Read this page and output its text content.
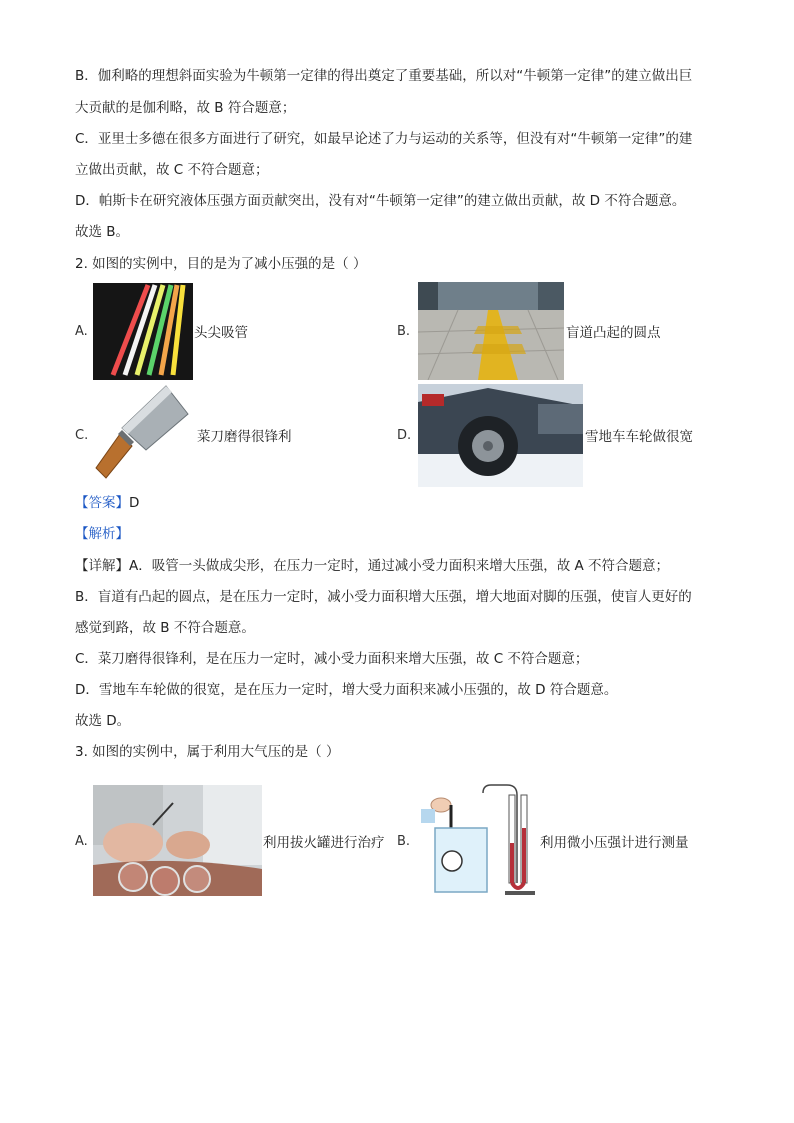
B．伽利略的理想斜面实验为牛顿第一定律的得出奠定了重要基础，所以对“牛顿第一定律”的建立做出巨
大贡献的是伽利略，故 B 符合题意；
C．亚里士多德在很多方面进行了研究，如最早论述了力与运动的关系等，但没有对“牛顿第一定律”的建
立做出贡献，故 C 不符合题意；
D．帕斯卡在研究液体压强方面贡献突出，没有对“牛顿第一定律”的建立做出贡献，故 D 不符合题意。
故选 B。
2. 如图的实例中，目的是为了减小压强的是（ ）
A.	头尖吸管	B.	盲道凸起的圆点
C.	菜刀磨得很锋利	D.	雪地车车轮做很宽
【答案】D
【解析】
【详解】A．吸管一头做成尖形，在压力一定时，通过减小受力面积来增大压强，故 A 不符合题意；
B．盲道有凸起的圆点，是在压力一定时，减小受力面积增大压强，增大地面对脚的压强，使盲人更好的
感觉到路，故 B 不符合题意。
C．菜刀磨得很锋利，是在压力一定时，减小受力面积来增大压强，故 C 不符合题意；
D．雪地车车轮做的很宽，是在压力一定时，增大受力面积来减小压强的，故 D 符合题意。
故选 D。
3. 如图的实例中，属于利用大气压的是（ ）
A.	利用拔火罐进行治疗 B.	利用微小压强计进行测量
